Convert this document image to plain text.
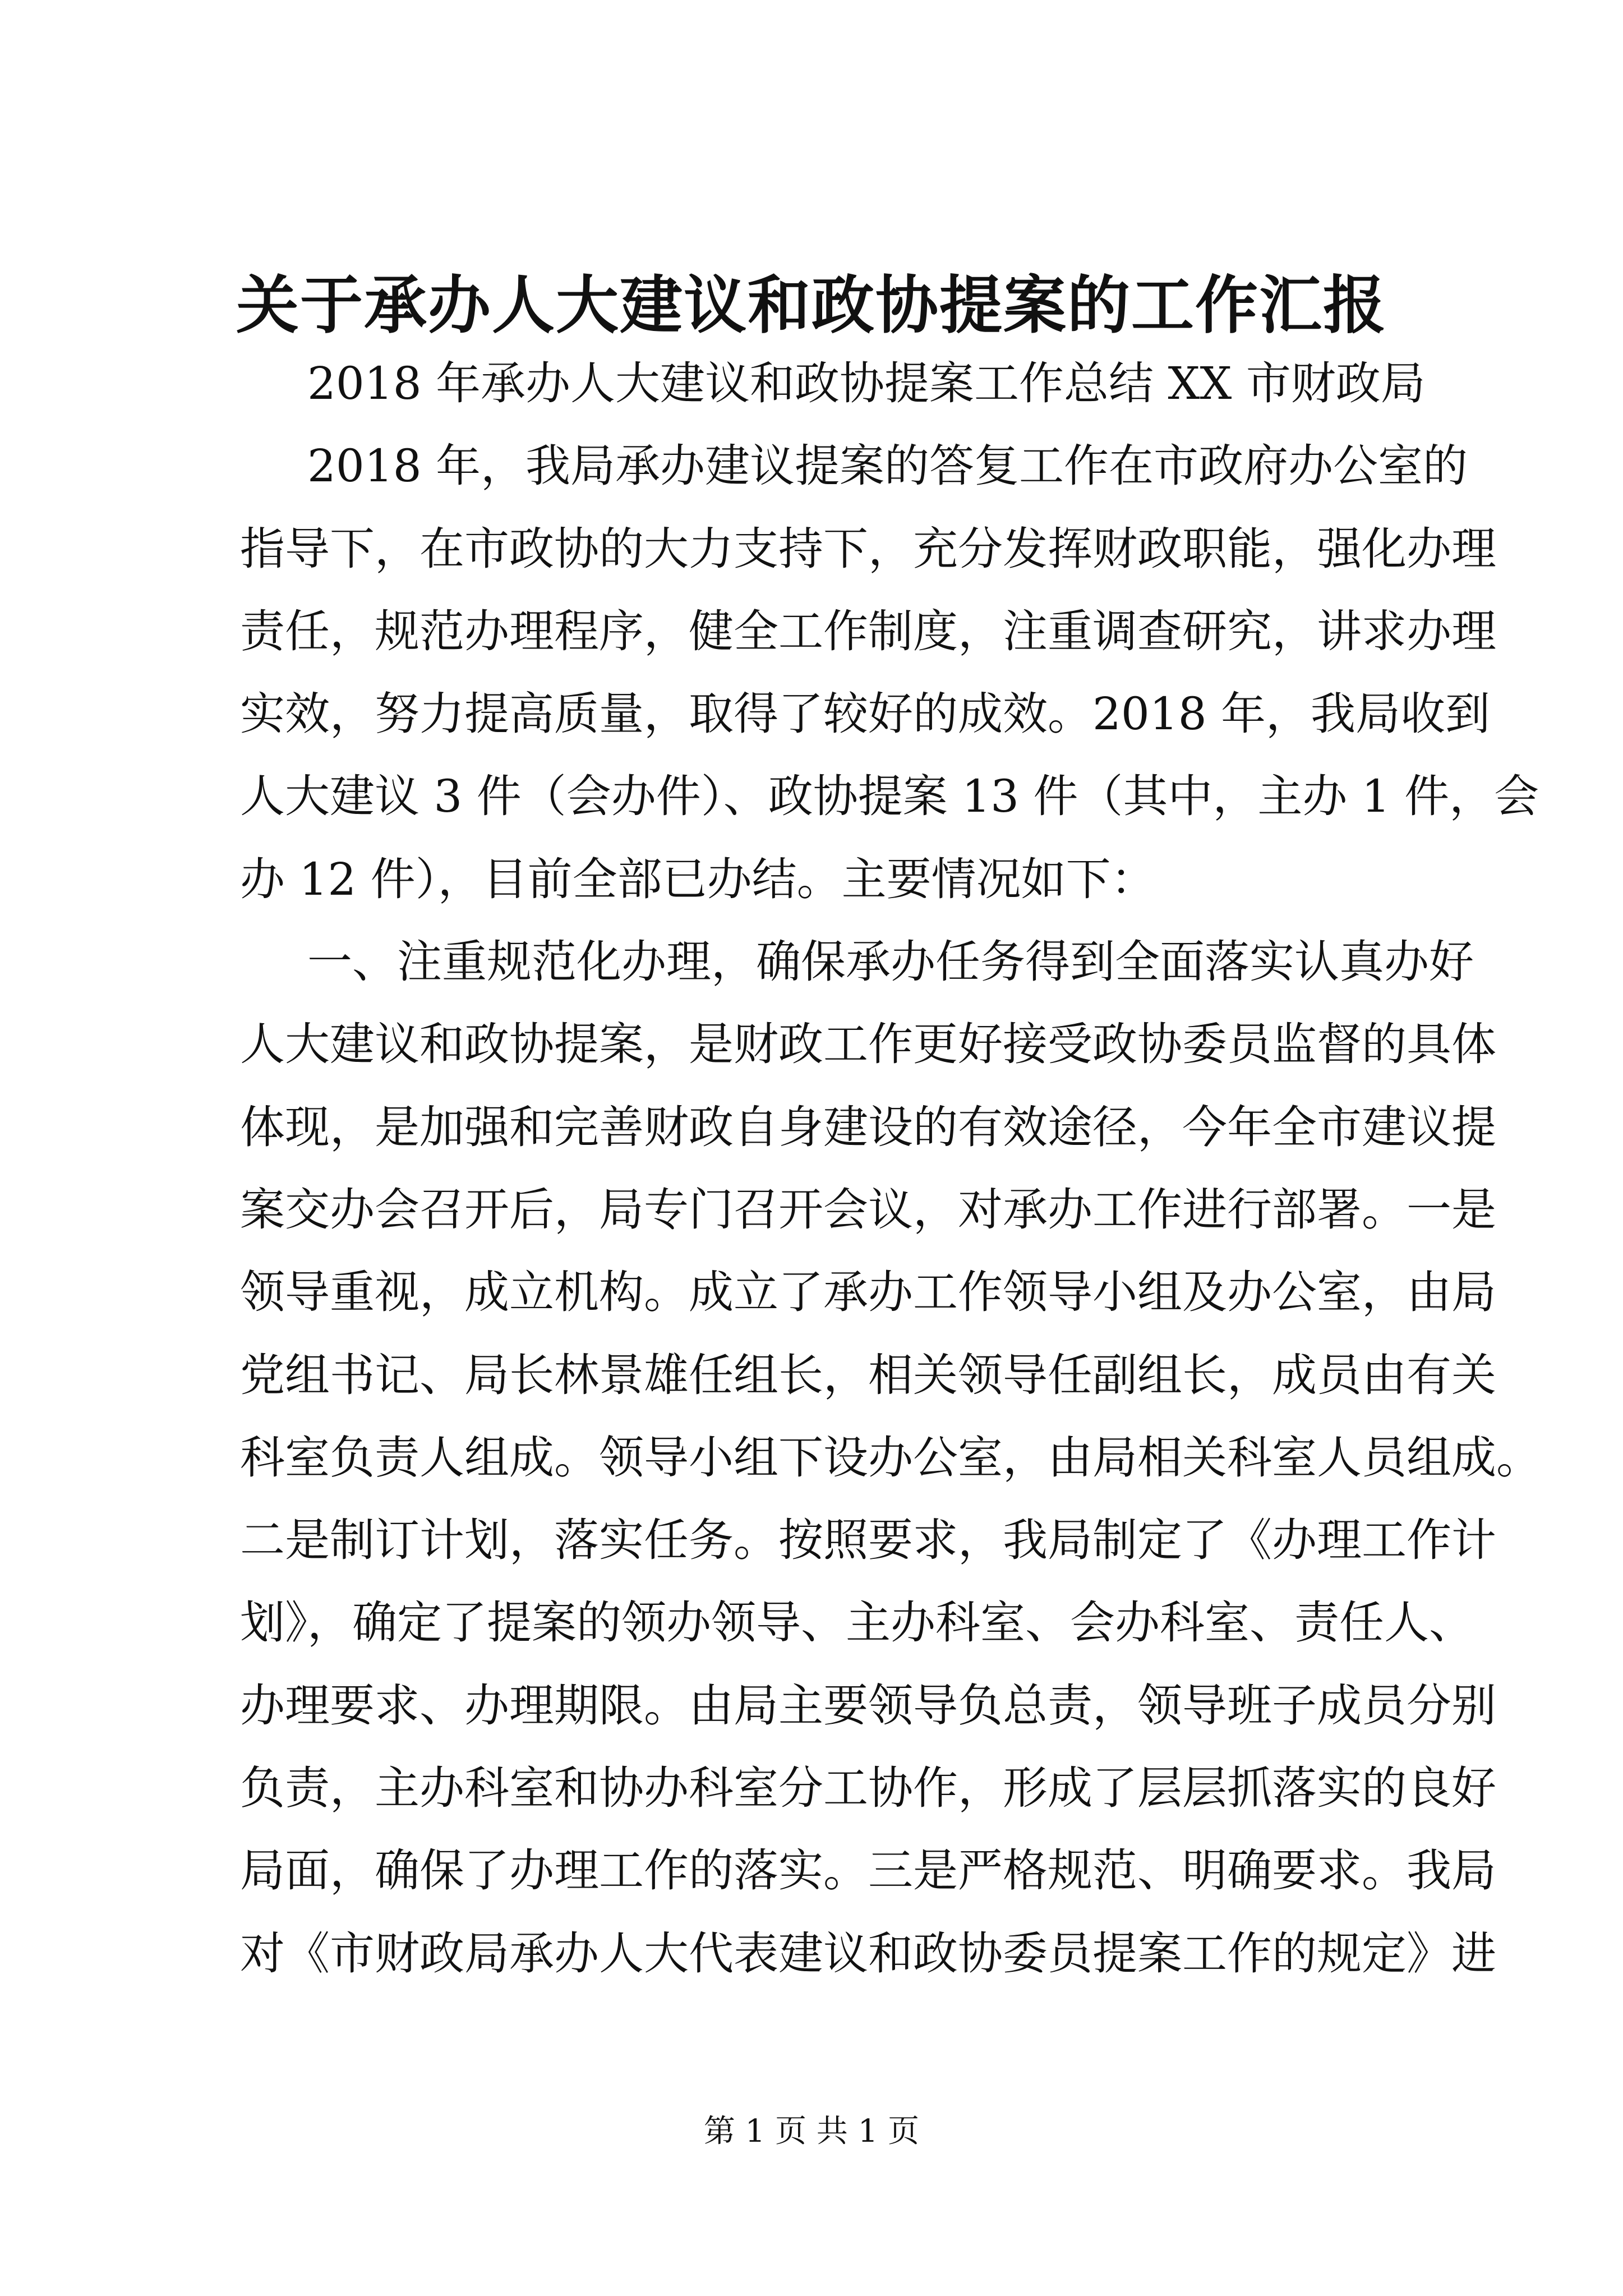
关于承办人大建议和政协提案的工作汇报
2018 年承办人大建议和政协提案工作总结 XX 市财政局
2018 年，我局承办建议提案的答复工作在市政府办公室的
指导下，在市政协的大力支持下，充分发挥财政职能，强化办理
责任，规范办理程序，健全工作制度，注重调查研究，讲求办理
实效，努力提高质量，取得了较好的成效。2018 年，我局收到
人大建议 3 件（会办件）、政协提案 13 件（其中，主办 1 件，会
办 12 件），目前全部已办结。主要情况如下：
一、注重规范化办理，确保承办任务得到全面落实认真办好
人大建议和政协提案，是财政工作更好接受政协委员监督的具体
体现，是加强和完善财政自身建设的有效途径，今年全市建议提
案交办会召开后，局专门召开会议，对承办工作进行部署。一是
领导重视，成立机构。成立了承办工作领导小组及办公室，由局
党组书记、局长林景雄任组长，相关领导任副组长，成员由有关
科室负责人组成。领导小组下设办公室，由局相关科室人员组成。
二是制订计划，落实任务。按照要求，我局制定了《办理工作计
划》，确定了提案的领办领导、主办科室、会办科室、责任人、
办理要求、办理期限。由局主要领导负总责，领导班子成员分别
负责，主办科室和协办科室分工协作，形成了层层抓落实的良好
局面，确保了办理工作的落实。三是严格规范、明确要求。我局
对《市财政局承办人大代表建议和政协委员提案工作的规定》进
第 1 页 共 1 页
